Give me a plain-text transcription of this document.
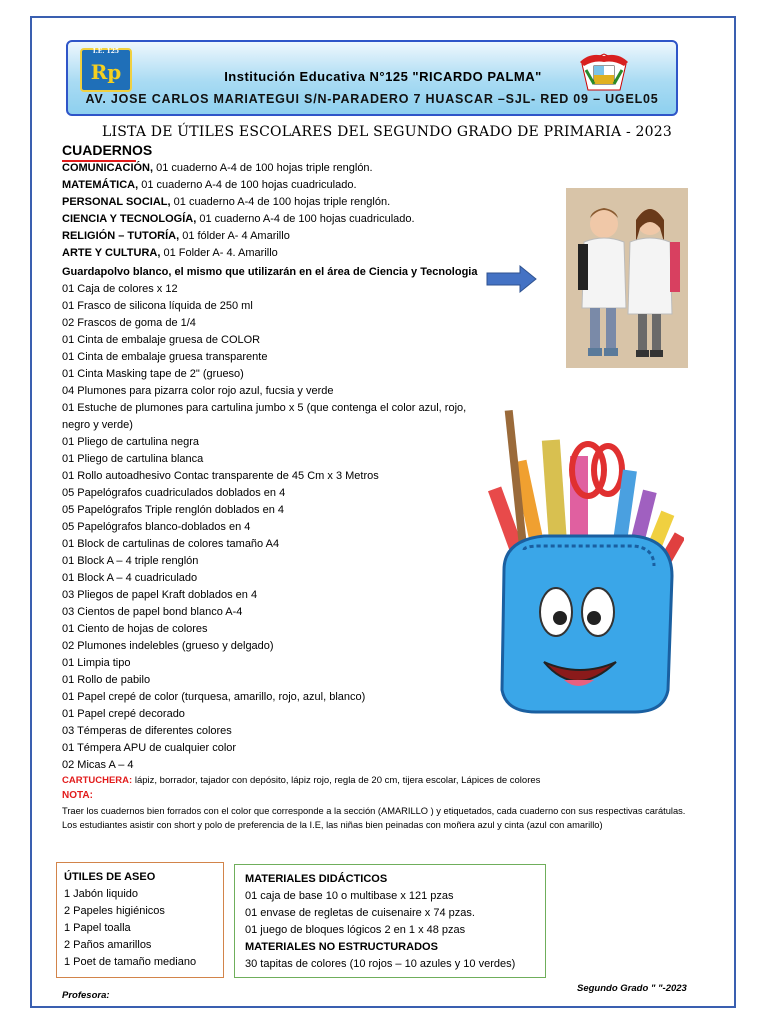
I.E. 125
Rp	Institución Educativa N°125 "RICARDO PALMA"
AV. JOSE CARLOS MARIATEGUI S/N-PARADERO 7 HUASCAR –SJL- RED 09 – UGEL05
LISTA DE ÚTILES ESCOLARES DEL SEGUNDO GRADO DE PRIMARIA - 2023
CUADERNOS
COMUNICACIÓN, 01 cuaderno A-4 de 100 hojas triple renglón.
MATEMÁTICA, 01 cuaderno A-4 de 100 hojas cuadriculado.
PERSONAL SOCIAL, 01 cuaderno A-4 de 100 hojas triple renglón.
CIENCIA Y TECNOLOGÍA, 01 cuaderno A-4 de 100 hojas cuadriculado.
RELIGIÓN – TUTORÍA, 01 fólder A- 4 Amarillo
ARTE Y CULTURA, 01 Folder A- 4. Amarillo
Guardapolvo blanco, el mismo que utilizarán en el área de Ciencia y Tecnologia
01 Caja de colores x 12
01 Frasco de silicona líquida de 250 ml
02 Frascos de goma de 1/4
01 Cinta de embalaje gruesa de COLOR
01 Cinta de embalaje gruesa transparente
01 Cinta Masking tape de 2" (grueso)
04 Plumones para pizarra color rojo azul, fucsia y verde
01 Estuche de plumones para cartulina jumbo x 5 (que contenga el color azul, rojo, negro y verde)
01 Pliego de cartulina negra
01 Pliego de cartulina blanca
01 Rollo autoadhesivo Contac transparente de 45 Cm x 3 Metros
05 Papelógrafos cuadriculados doblados en 4
05 Papelógrafos Triple renglón doblados en 4
05 Papelógrafos blanco-doblados en 4
01 Block de cartulinas de colores tamaño A4
01 Block A – 4 triple renglón
01 Block A – 4 cuadriculado
03 Pliegos de papel Kraft doblados en 4
03 Cientos de papel bond blanco A-4
01 Ciento de hojas de colores
02 Plumones indelebles (grueso y delgado)
01 Limpia tipo
01 Rollo de pabilo
01 Papel crepé de color (turquesa, amarillo, rojo, azul, blanco)
01 Papel crepé decorado
03 Témperas de diferentes colores
01 Témpera APU de cualquier color
02 Micas A – 4
CARTUCHERA: lápiz, borrador, tajador con depósito, lápiz rojo, regla de 20 cm, tijera escolar, Lápices de colores
NOTA:
Traer los cuadernos bien forrados con el color que corresponde a la sección (AMARILLO ) y etiquetados, cada cuaderno con sus respectivas carátulas.
Los estudiantes asistir con short y polo de preferencia de la I.E, las niñas bien peinadas con moñera azul y cinta (azul con amarillo)
ÚTILES DE ASEO
1 Jabón liquido
2 Papeles higiénicos
1 Papel toalla
2 Paños amarillos
1 Poet de tamaño mediano
MATERIALES DIDÁCTICOS
01 caja de base 10 o multibase x 121 pzas
01 envase de regletas de cuisenaire x 74 pzas.
01 juego de bloques lógicos 2 en 1 x 48 pzas
MATERIALES NO ESTRUCTURADOS
30 tapitas de colores (10 rojos – 10 azules y 10 verdes)
Profesora:
Segundo Grado " "-2023
